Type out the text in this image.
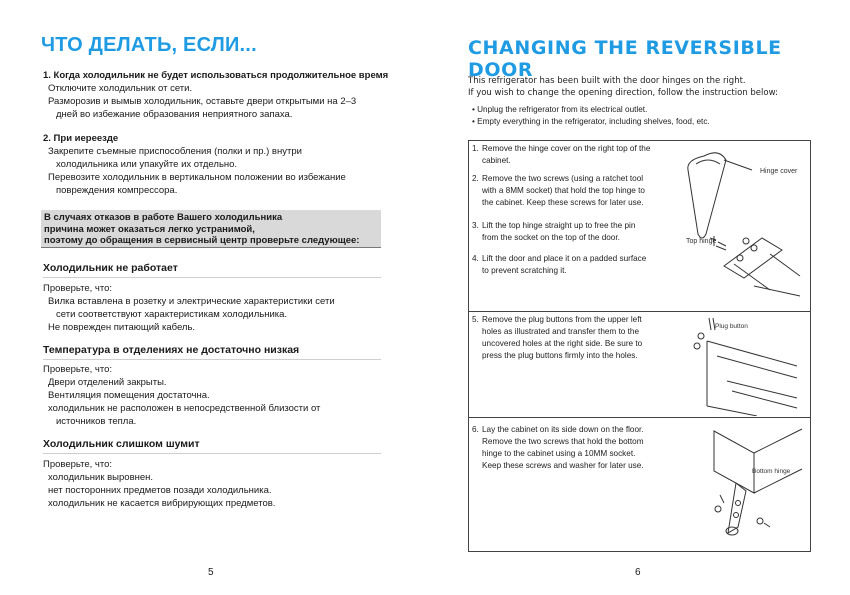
ЧТО ДЕЛАТЬ, ЕСЛИ...
1. Когда холодильник не будет использоваться продолжительное время
Отключите холодильник от сети.
Разморозив и вымыв холодильник, оставьте двери открытыми на 2–3
дней во избежание образования неприятного запаха.
2. При иереезде
Закрепите съемные приспособления (полки и пр.) внутри
холодильника или упакуйте их отдельно.
Перевозите холодильник в вертикальном положении во избежание
повреждения компрессора.
В случаях отказов в работе Вашего холодильника
причина может оказаться легко устранимой,
поэтому до обращения в сервисный центр проверьте следующее:
Холодильник не работает
Проверьте, что:
Вилка вставлена в розетку и электрические характеристики сети
сети соответствуют характеристикам холодильника.
Не поврежден питающий кабель.
Температура в отделениях не достаточно низкая
Проверьте, что:
Двери отделений закрыты.
Вентиляция помещения достаточна.
холодильник не расположен в непосредственной близости от
источников тепла.
Холодильник слишком шумит
Проверьте, что:
холодильник выровнен.
нет посторонних предметов позади холодильника.
холодильник не касается вибрирующих предметов.
5
CHANGING THE REVERSIBLE DOOR
This refrigerator has been built with the door hinges on the right.
If you wish to change the opening direction, follow the instruction below:
• Unplug the refrigerator from its electrical outlet.
• Empty everything in the refrigerator, including shelves, food, etc.
1. Remove the hinge cover on the right top of the
cabinet.
2. Remove the two screws (using a ratchet tool
with a 8MM socket) that hold the top hinge to
the cabinet. Keep these screws for later use.
3. Lift the top hinge straight up to free the pin
from the socket on the top of the door.
4. Lift the door and place it on a padded surface
to prevent scratching it.
5. Remove the plug buttons from the upper left
holes as illustrated and transfer them to the
uncovered holes at the right side. Be sure to
press the plug buttons firmly into the holes.
6. Lay the cabinet on its side down on the floor.
Remove the two screws that hold the bottom
hinge to the cabinet using a 10MM socket.
Keep these screws and washer for later use.
Hinge cover
Top hinge
Plug button
Bottom hinge
6
